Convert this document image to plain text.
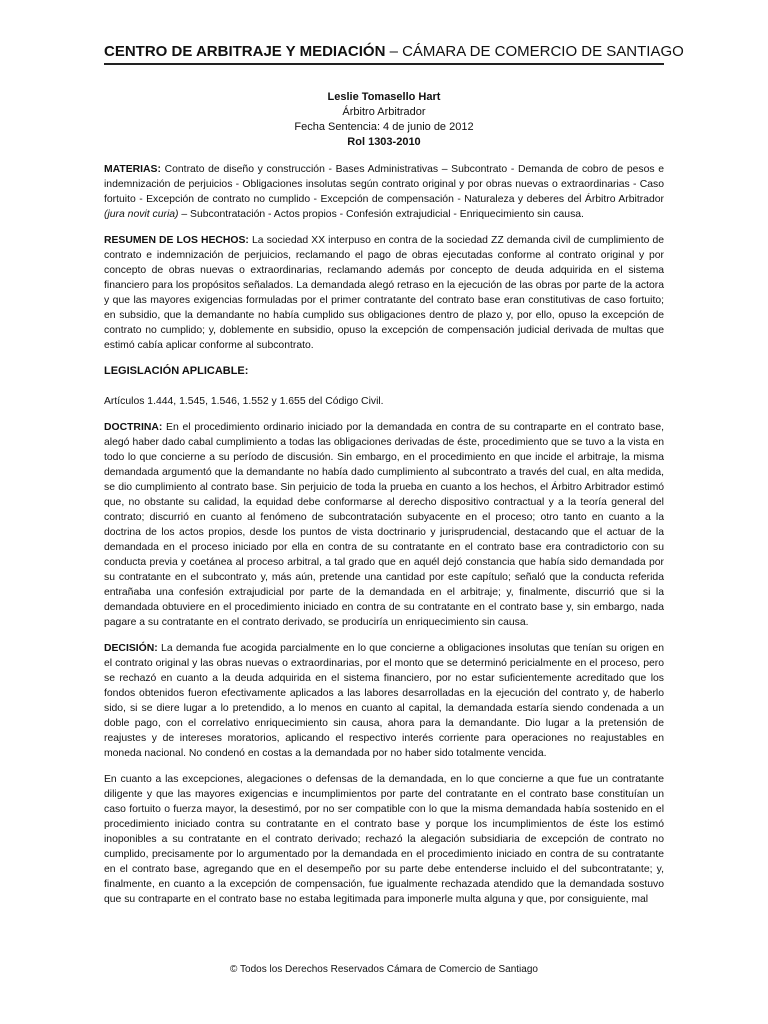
CENTRO DE ARBITRAJE Y MEDIACIÓN – CÁMARA DE COMERCIO DE SANTIAGO
Leslie Tomasello Hart
Árbitro Arbitrador
Fecha Sentencia: 4 de junio de 2012
Rol 1303-2010

MATERIAS: Contrato de diseño y construcción - Bases Administrativas – Subcontrato - Demanda de cobro de pesos e indemnización de perjuicios - Obligaciones insolutas según contrato original y por obras nuevas o extraordinarias - Caso fortuito - Excepción de contrato no cumplido - Excepción de compensación - Naturaleza y deberes del Árbitro Arbitrador (jura novit curia) – Subcontratación - Actos propios - Confesión extrajudicial - Enriquecimiento sin causa.

RESUMEN DE LOS HECHOS: La sociedad XX interpuso en contra de la sociedad ZZ demanda civil de cumplimiento de contrato e indemnización de perjuicios, reclamando el pago de obras ejecutadas conforme al contrato original y por concepto de obras nuevas o extraordinarias, reclamando además por concepto de deuda adquirida en el sistema financiero para los propósitos señalados. La demandada alegó retraso en la ejecución de las obras por parte de la actora y que las mayores exigencias formuladas por el primer contratante del contrato base eran constitutivas de caso fortuito; en subsidio, que la demandante no había cumplido sus obligaciones dentro de plazo y, por ello, opuso la excepción de contrato no cumplido; y, doblemente en subsidio, opuso la excepción de compensación judicial derivada de multas que estimó cabía aplicar conforme al subcontrato.

LEGISLACIÓN APLICABLE:

Artículos 1.444, 1.545, 1.546, 1.552 y 1.655 del Código Civil.

DOCTRINA: En el procedimiento ordinario iniciado por la demandada en contra de su contraparte en el contrato base, alegó haber dado cabal cumplimiento a todas las obligaciones derivadas de éste, procedimiento que se tuvo a la vista en todo lo que concierne a su período de discusión. Sin embargo, en el procedimiento en que incide el arbitraje, la misma demandada argumentó que la demandante no había dado cumplimiento al subcontrato a través del cual, en alta medida, se dio cumplimiento al contrato base. Sin perjuicio de toda la prueba en cuanto a los hechos, el Árbitro Arbitrador estimó que, no obstante su calidad, la equidad debe conformarse al derecho dispositivo contractual y a la teoría general del contrato; discurrió en cuanto al fenómeno de subcontratación subyacente en el proceso; otro tanto en cuanto a la doctrina de los actos propios, desde los puntos de vista doctrinario y jurisprudencial, destacando que el actuar de la demandada en el proceso iniciado por ella en contra de su contratante en el contrato base era contradictorio con su conducta previa y coetánea al proceso arbitral, a tal grado que en aquél dejó constancia que había sido demandada por su contratante en el subcontrato y, más aún, pretende una cantidad por este capítulo; señaló que la conducta referida entrañaba una confesión extrajudicial por parte de la demandada en el arbitraje; y, finalmente, discurrió que si la demandada obtuviere en el procedimiento iniciado en contra de su contratante en el contrato base y, sin embargo, nada pagare a su contratante en el contrato derivado, se produciría un enriquecimiento sin causa.

DECISIÓN: La demanda fue acogida parcialmente en lo que concierne a obligaciones insolutas que tenían su origen en el contrato original y las obras nuevas o extraordinarias, por el monto que se determinó pericialmente en el proceso, pero se rechazó en cuanto a la deuda adquirida en el sistema financiero, por no estar suficientemente acreditado que los fondos obtenidos fueron efectivamente aplicados a las labores desarrolladas en la ejecución del contrato y, de haberlo sido, si se diere lugar a lo pretendido, a lo menos en cuanto al capital, la demandada estaría siendo condenada a un doble pago, con el correlativo enriquecimiento sin causa, ahora para la demandante. Dio lugar a la pretensión de reajustes y de intereses moratorios, aplicando el respectivo interés corriente para operaciones no reajustables en moneda nacional. No condenó en costas a la demandada por no haber sido totalmente vencida.

En cuanto a las excepciones, alegaciones o defensas de la demandada, en lo que concierne a que fue un contratante diligente y que las mayores exigencias e incumplimientos por parte del contratante en el contrato base constituían un caso fortuito o fuerza mayor, la desestimó, por no ser compatible con lo que la misma demandada había sostenido en el procedimiento iniciado contra su contratante en el contrato base y porque los incumplimientos de éste los estimó inoponibles a su contratante en el contrato derivado; rechazó la alegación subsidiaria de excepción de contrato no cumplido, precisamente por lo argumentado por la demandada en el procedimiento iniciado en contra de su contratante en el contrato base, agregando que en el desempeño por su parte debe entenderse incluido el del subcontratante; y, finalmente, en cuanto a la excepción de compensación, fue igualmente rechazada atendido que la demandada sostuvo que su contraparte en el contrato base no estaba legitimada para imponerle multa alguna y que, por consiguiente, mal

© Todos los Derechos Reservados Cámara de Comercio de Santiago
